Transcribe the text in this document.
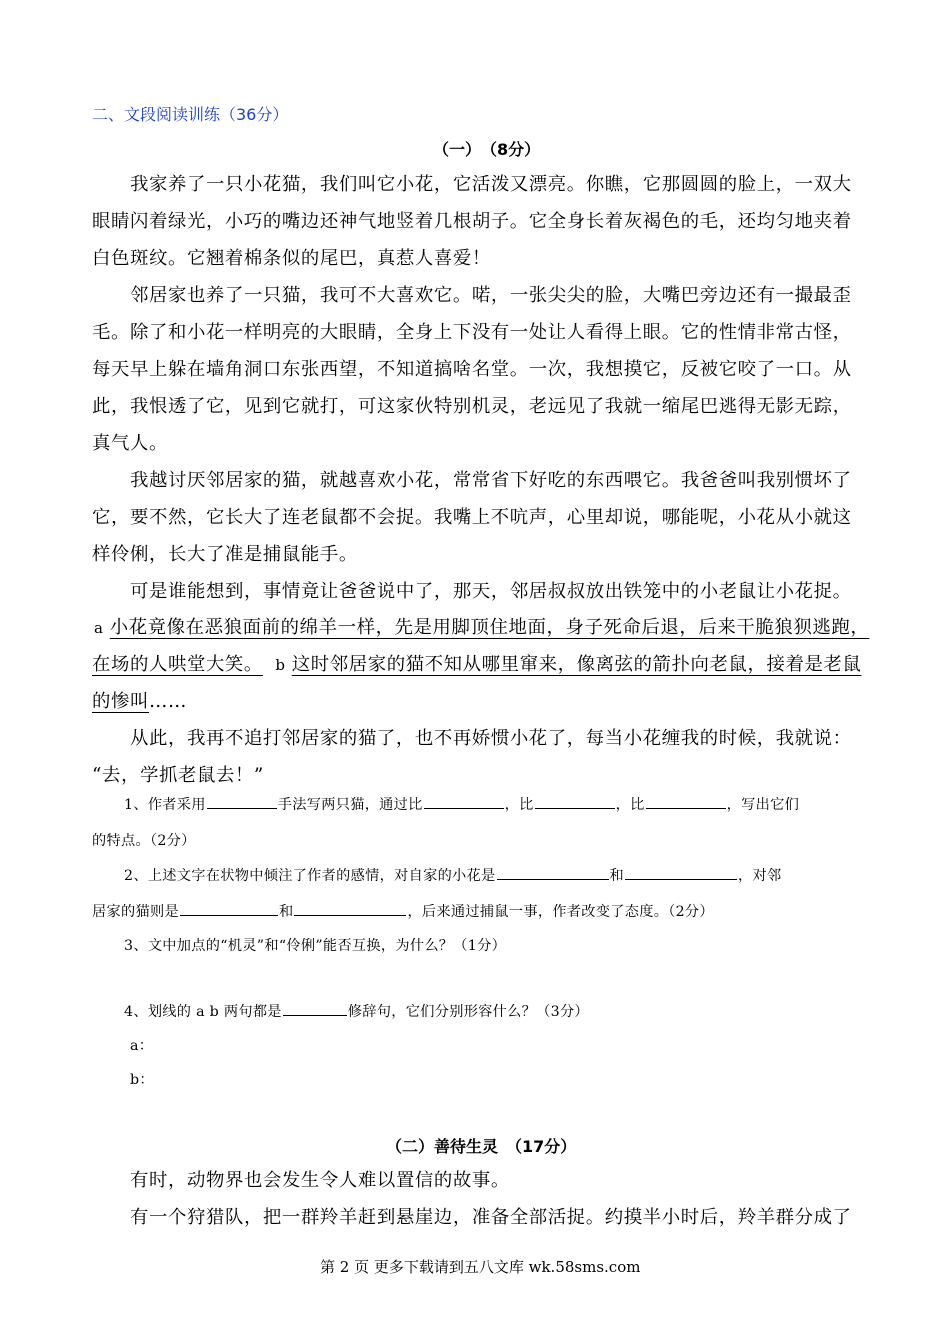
二、文段阅读训练（36分）
（一）　（8分）
我家养了一只小花猫，我们叫它小花，它活泼又漂亮。你瞧，它那圆圆的脸上，一双大
眼睛闪着绿光，小巧的嘴边还神气地竖着几根胡子。它全身长着灰褐色的毛，还均匀地夹着
白色斑纹。它翘着棉条似的尾巴，真惹人喜爱！
邻居家也养了一只猫，我可不大喜欢它。喏，一张尖尖的脸，大嘴巴旁边还有一撮最歪
毛。除了和小花一样明亮的大眼睛，全身上下没有一处让人看得上眼。它的性情非常古怪，
每天早上躲在墙角洞口东张西望，不知道搞啥名堂。一次，我想摸它，反被它咬了一口。从
此，我恨透了它，见到它就打，可这家伙特别机灵，老远见了我就一缩尾巴逃得无影无踪，
真气人。
我越讨厌邻居家的猫，就越喜欢小花，常常省下好吃的东西喂它。我爸爸叫我别惯坏了
它，要不然，它长大了连老鼠都不会捉。我嘴上不吭声，心里却说，哪能呢，小花从小就这
样伶俐，长大了准是捕鼠能手。
可是谁能想到，事情竟让爸爸说中了，那天，邻居叔叔放出铁笼中的小老鼠让小花捉。
a 小花竟像在恶狼面前的绵羊一样，先是用脚顶住地面，身子死命后退，后来干脆狼狈逃跑，
在场的人哄堂大笑。 b 这时邻居家的猫不知从哪里窜来，像离弦的箭扑向老鼠，接着是老鼠
的惨叫……
从此，我再不追打邻居家的猫了，也不再娇惯小花了，每当小花缠我的时候，我就说：
“去，学抓老鼠去！”
1、作者采用	手法写两只猫，通过比	，比	，比	，写出它们
的特点。（2分）
2、上述文字在状物中倾注了作者的感情，对自家的小花是	和	，对邻
居家的猫则是	和	，后来通过捕鼠一事，作者改变了态度。（2分）
3、文中加点的“机灵”和“伶俐”能否互换，为什么？（1分）
4、划线的 a b 两句都是	修辞句，它们分别形容什么？（3分）
a：
b：
（二）善待生灵　（17分）
有时，动物界也会发生令人难以置信的故事。
有一个狩猎队，把一群羚羊赶到悬崖边，准备全部活捉。约摸半小时后，羚羊群分成了
第 2 页 更多下载请到五八文库 wk.58sms.com
